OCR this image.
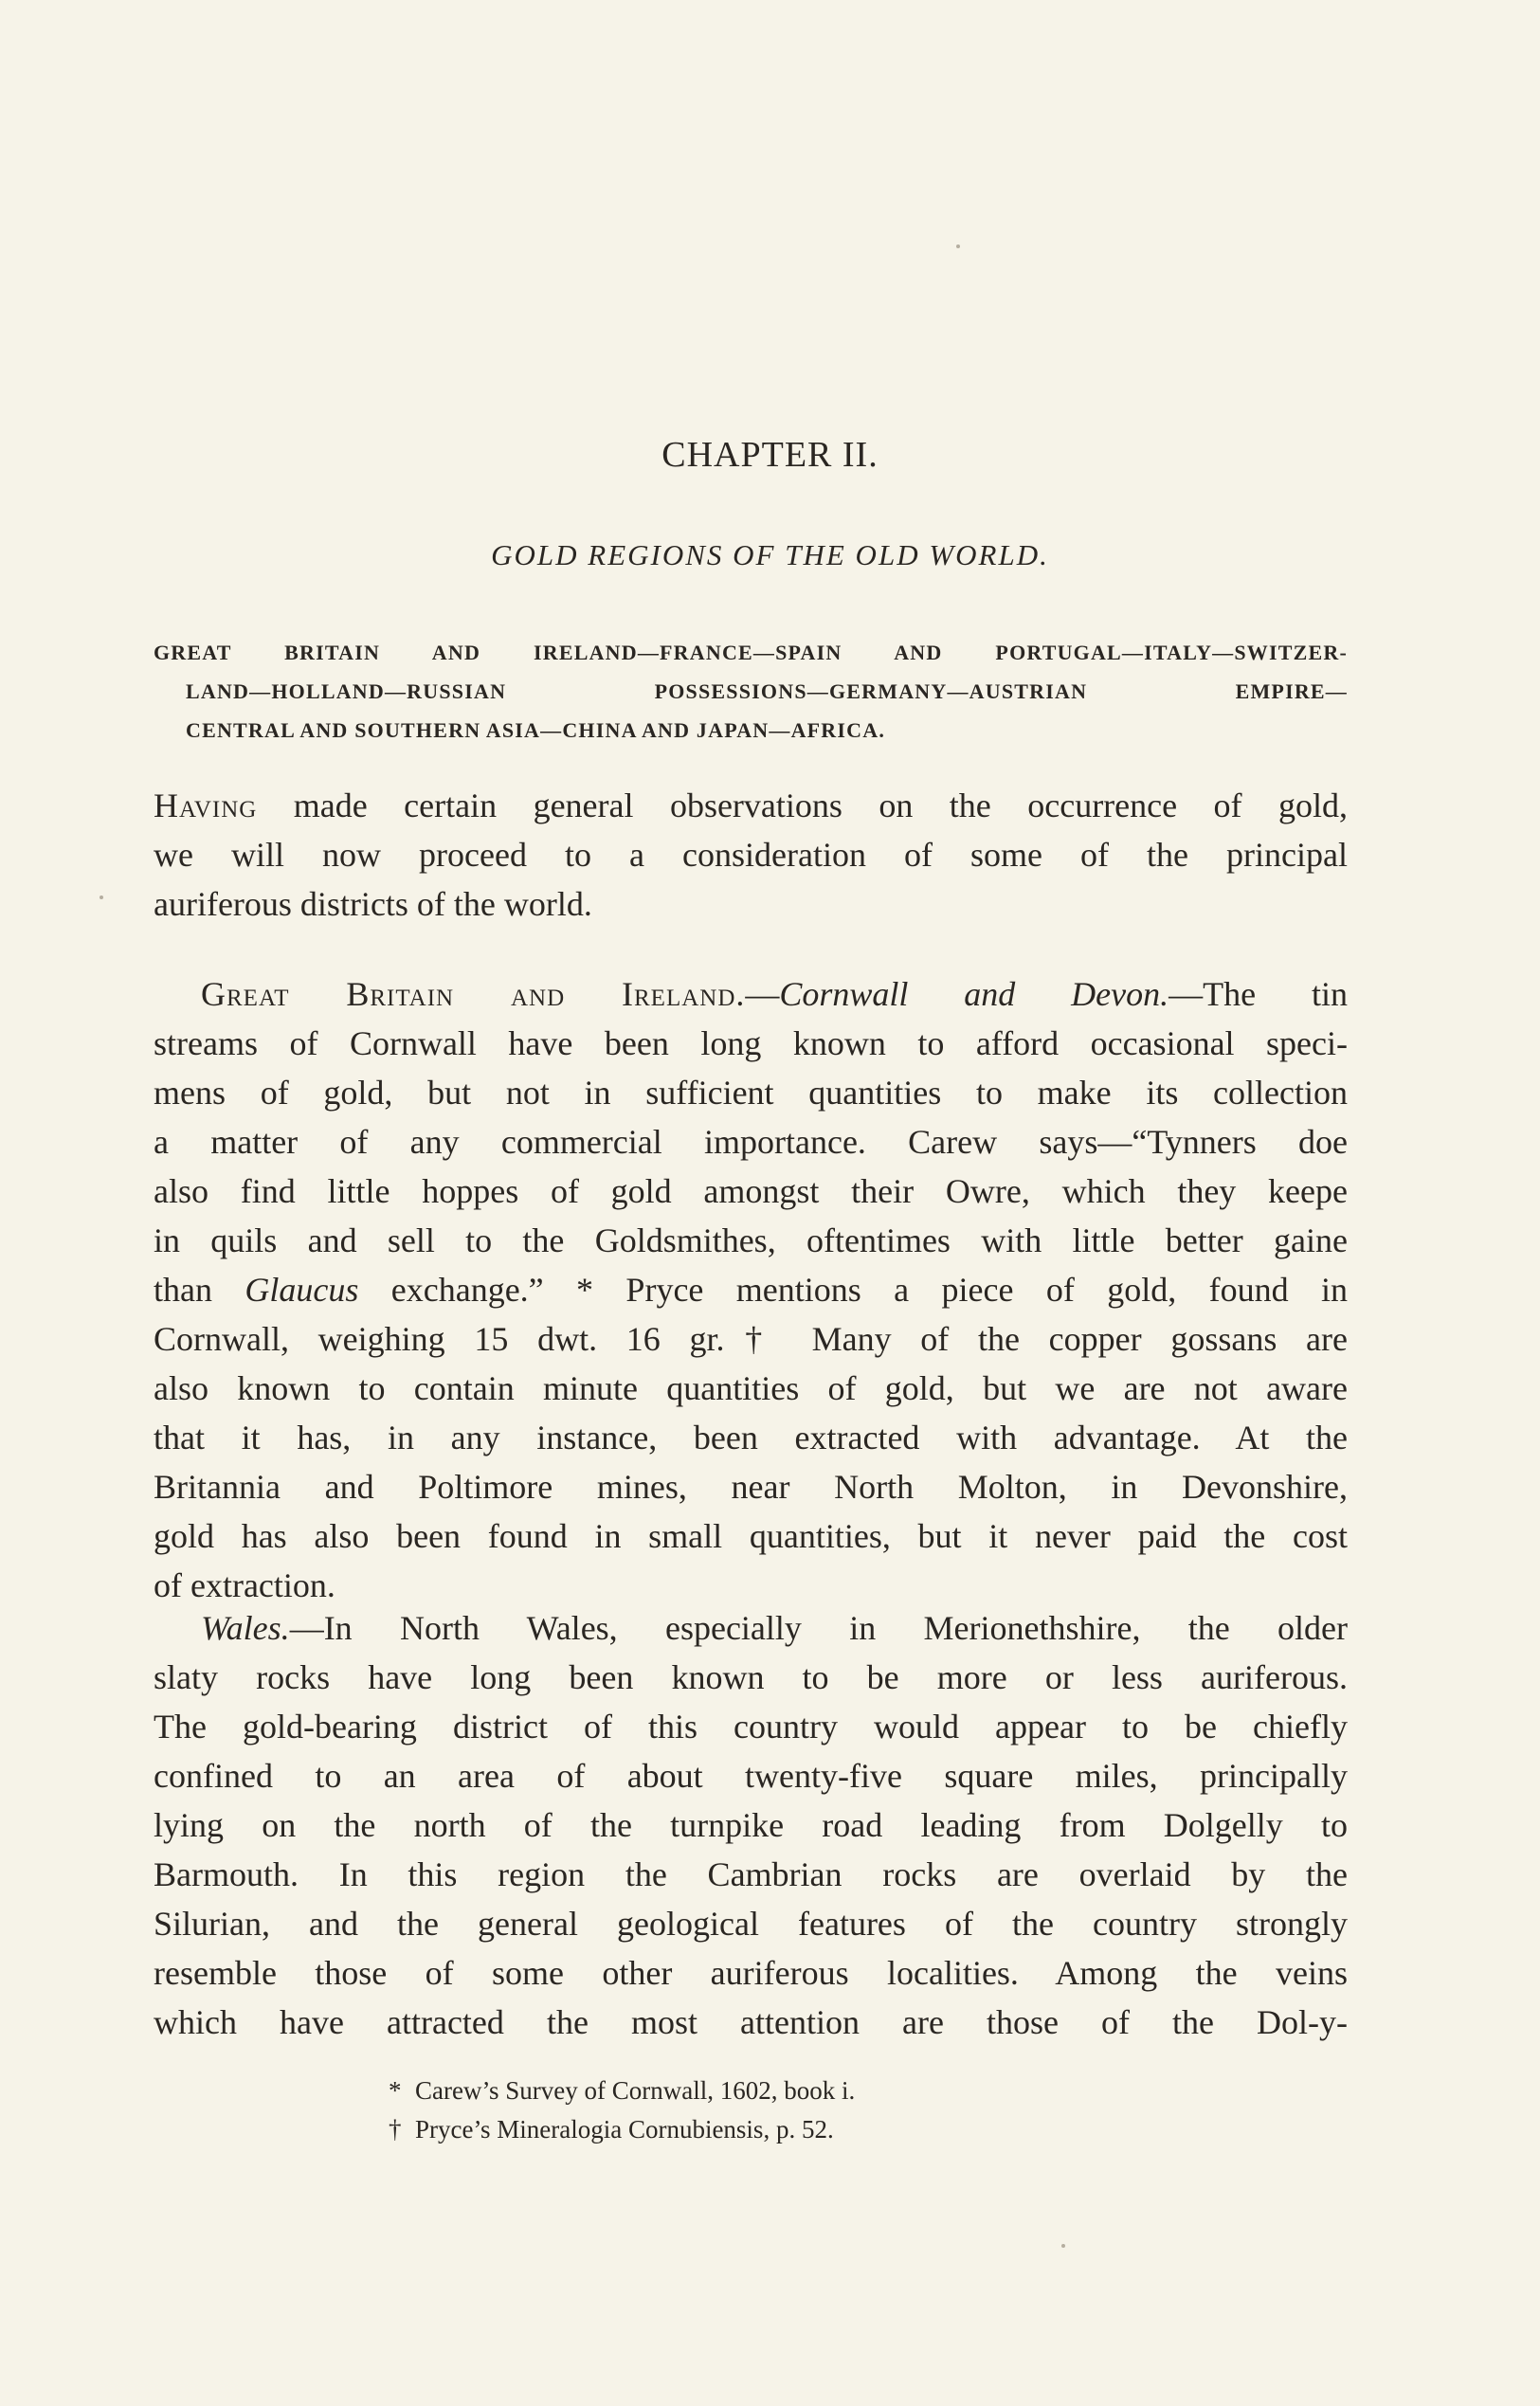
CHAPTER II.
GOLD REGIONS OF THE OLD WORLD.
GREAT BRITAIN AND IRELAND—FRANCE—SPAIN AND PORTUGAL—ITALY—SWITZER-
LAND—HOLLAND—RUSSIAN POSSESSIONS—GERMANY—AUSTRIAN EMPIRE—
CENTRAL AND SOUTHERN ASIA—CHINA AND JAPAN—AFRICA.
Having made certain general observations on the occurrence of gold,
we will now proceed to a consideration of some of the principal
auriferous districts of the world.
Great Britain and Ireland.—Cornwall and Devon.—The tin
streams of Cornwall have been long known to afford occasional speci-
mens of gold, but not in sufficient quantities to make its collection
a matter of any commercial importance. Carew says—“Tynners doe
also find little hoppes of gold amongst their Owre, which they keepe
in quils and sell to the Goldsmithes, oftentimes with little better gaine
than Glaucus exchange.” * Pryce mentions a piece of gold, found in
Cornwall, weighing 15 dwt. 16 gr.† Many of the copper gossans are
also known to contain minute quantities of gold, but we are not aware
that it has, in any instance, been extracted with advantage. At the
Britannia and Poltimore mines, near North Molton, in Devonshire,
gold has also been found in small quantities, but it never paid the cost
of extraction.
Wales.—In North Wales, especially in Merionethshire, the older
slaty rocks have long been known to be more or less auriferous.
The gold-bearing district of this country would appear to be chiefly
confined to an area of about twenty-five square miles, principally
lying on the north of the turnpike road leading from Dolgelly to
Barmouth. In this region the Cambrian rocks are overlaid by the
Silurian, and the general geological features of the country strongly
resemble those of some other auriferous localities. Among the veins
which have attracted the most attention are those of the Dol-y-
* Carew’s Survey of Cornwall, 1602, book i.
† Pryce’s Mineralogia Cornubiensis, p. 52.
